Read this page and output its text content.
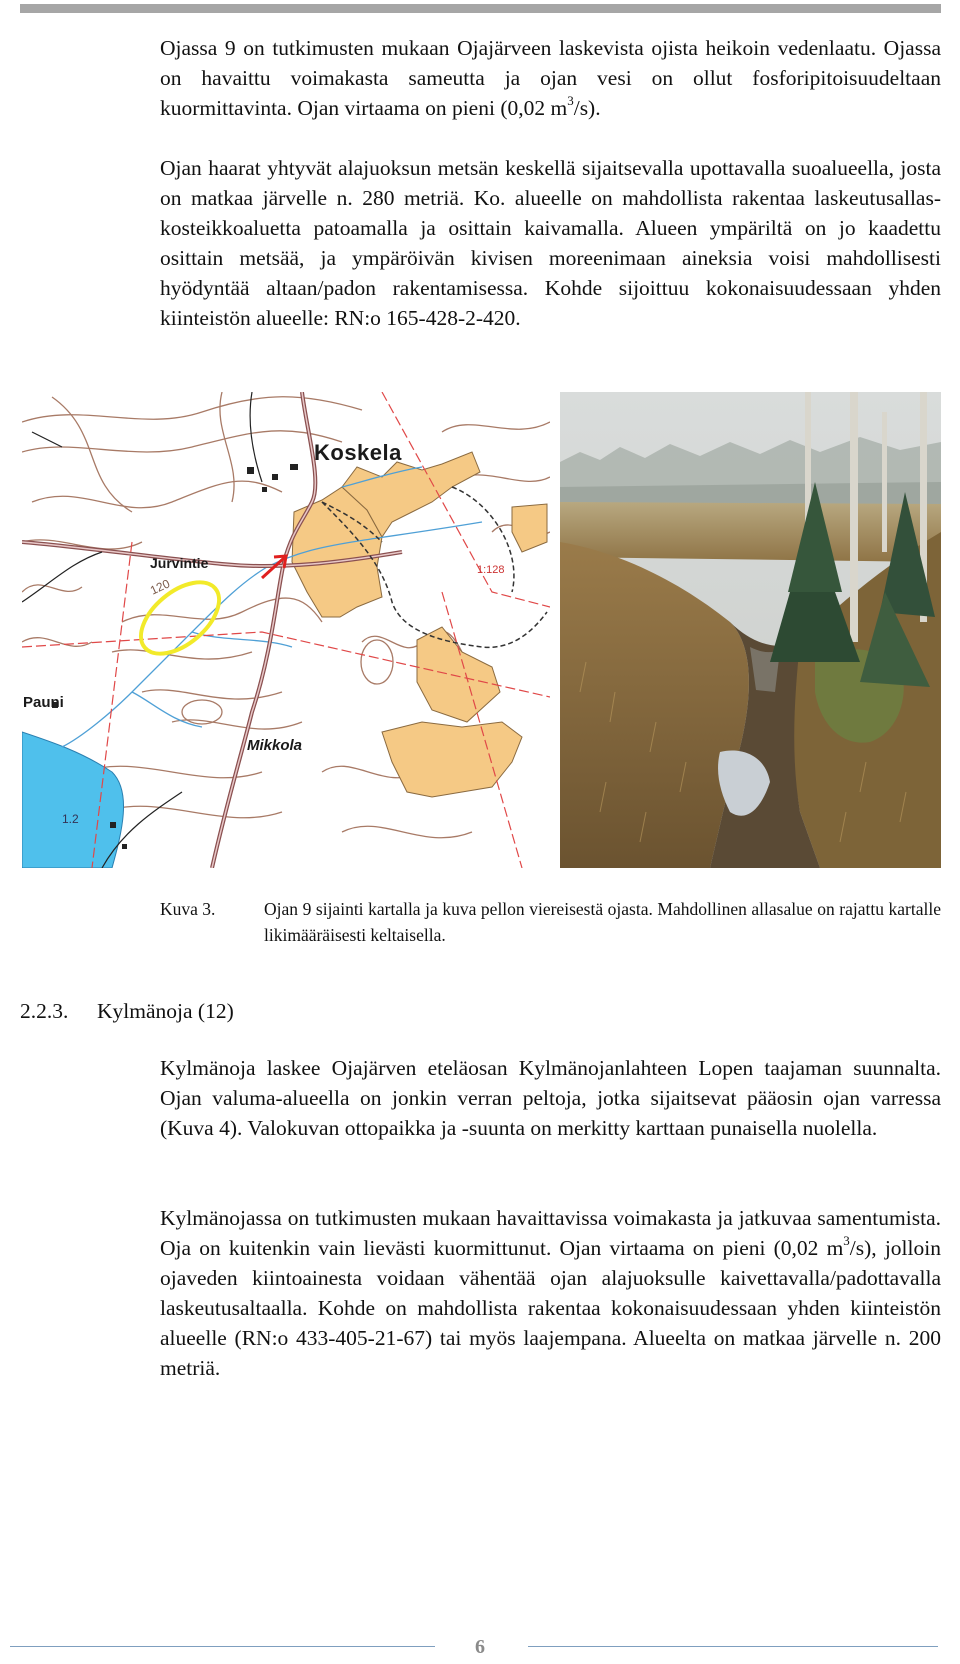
Ojassa 9 on tutkimusten mukaan Ojajärveen laskevista ojista heikoin vedenlaatu. Ojassa on havaittu voimakasta sameutta ja ojan vesi on ollut fosforipitoisuudeltaan kuormittavinta. Ojan virtaama on pieni (0,02 $m^3/s$).

Ojan haarat yhtyvät alajuoksun metsän keskellä sijaitsevalla upottavalla suoalueella, josta on matkaa järvelle n. 280 metriä. Ko. alueelle on mahdollista rakentaa laskeutusallas-kosteikkoaluetta patoamalla ja osittain kaivamalla. Alueen ympäriltä on jo kaadettu osittain metsää, ja ympäröivän kivisen moreenimaan aineksia voisi mahdollisesti hyödyntää altaan/padon rakentamisessa. Kohde sijoittuu kokonaisuudessaan yhden kiinteistön alueelle: RN:o 165-428-2-420.

Koskela
Jurvintie
Pauni
Mikkola
120
1:128
1.2
Kuva 3.	Ojan 9 sijainti kartalla ja kuva pellon viereisestä ojasta. Mahdollinen allasalue on rajattu kartalle likimääräisesti keltaisella.
2.2.3. Kylmänoja (12)

Kylmänoja laskee Ojajärven eteläosan Kylmänojanlahteen Lopen taajaman suunnalta. Ojan valuma-alueella on jonkin verran peltoja, jotka sijaitsevat pääosin ojan varressa (Kuva 4). Valokuvan ottopaikka ja -suunta on merkitty karttaan punaisella nuolella.

Kylmänojassa on tutkimusten mukaan havaittavissa voimakasta ja jatkuvaa samentumista. Oja on kuitenkin vain lievästi kuormittunut. Ojan virtaama on pieni (0,02 $m^3/s$), jolloin ojaveden kiintoainesta voidaan vähentää ojan alajuoksulle kaivettavalla/padottavalla laskeutusaltaalla. Kohde on mahdollista rakentaa kokonaisuudessaan yhden kiinteistön alueelle (RN:o 433-405-21-67) tai myös laajempana. Alueelta on matkaa järvelle n. 200 metriä.

6
